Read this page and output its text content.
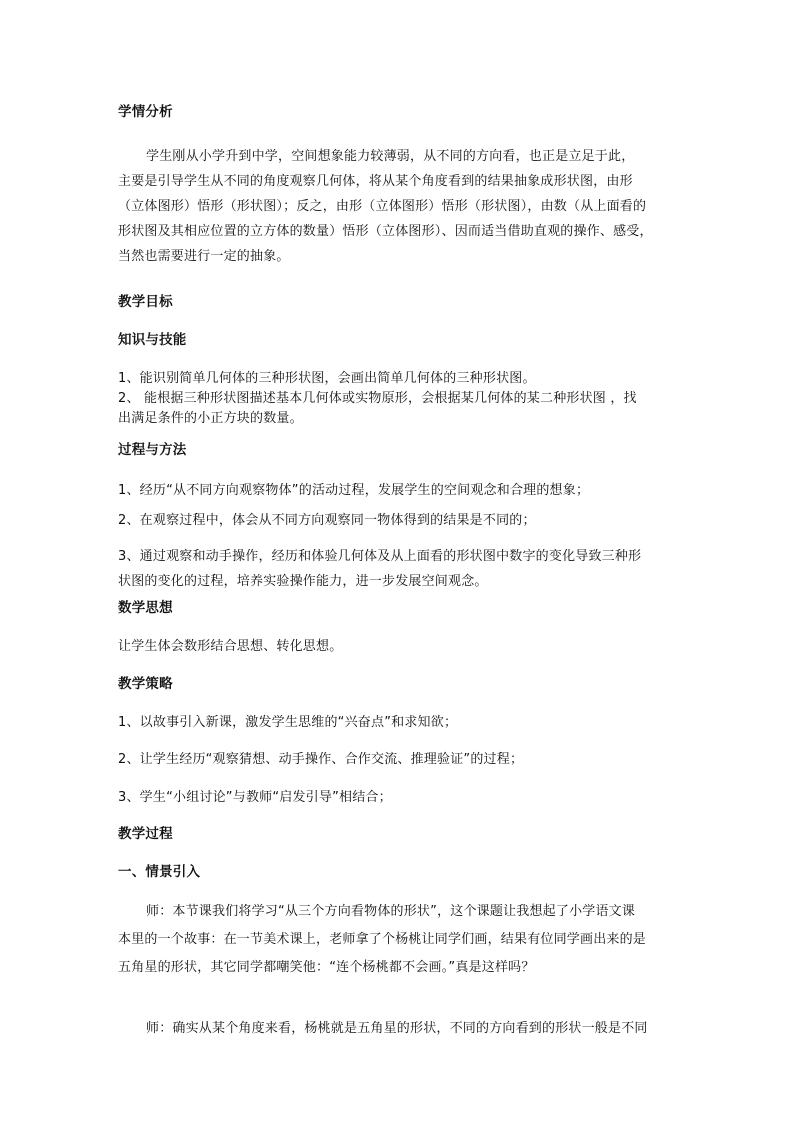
学情分析
学生刚从小学升到中学，空间想象能力较薄弱，从不同的方向看，也正是立足于此，
主要是引导学生从不同的角度观察几何体，将从某个角度看到的结果抽象成形状图，由形
（立体图形）悟形（形状图）；反之，由形（立体图形）悟形（形状图），由数（从上面看的
形状图及其相应位置的立方体的数量）悟形（立体图形）、因而适当借助直观的操作、感受，
当然也需要进行一定的抽象。
教学目标
知识与技能
1、能识别简单几何体的三种形状图，会画出简单几何体的三种形状图。
2、 能根据三种形状图描述基本几何体或实物原形，会根据某几何体的某二种形状图 ，找
出满足条件的小正方块的数量。
过程与方法
1、经历“从不同方向观察物体”的活动过程，发展学生的空间观念和合理的想象；
2、在观察过程中，体会从不同方向观察同一物体得到的结果是不同的；
3、通过观察和动手操作，经历和体验几何体及从上面看的形状图中数字的变化导致三种形
状图的变化的过程，培养实验操作能力，进一步发展空间观念。
数学思想
让学生体会数形结合思想、转化思想。
教学策略
1、以故事引入新课，激发学生思维的“兴奋点”和求知欲；
2、让学生经历“观察猜想、动手操作、合作交流、推理验证”的过程；
3、学生“小组讨论”与教师“启发引导”相结合；
教学过程
一、情景引入
师：本节课我们将学习“从三个方向看物体的形状”，这个课题让我想起了小学语文课
本里的一个故事：在一节美术课上，老师拿了个杨桃让同学们画，结果有位同学画出来的是
五角星的形状，其它同学都嘲笑他：“连个杨桃都不会画。”真是这样吗？
师：确实从某个角度来看，杨桃就是五角星的形状，不同的方向看到的形状一般是不同
